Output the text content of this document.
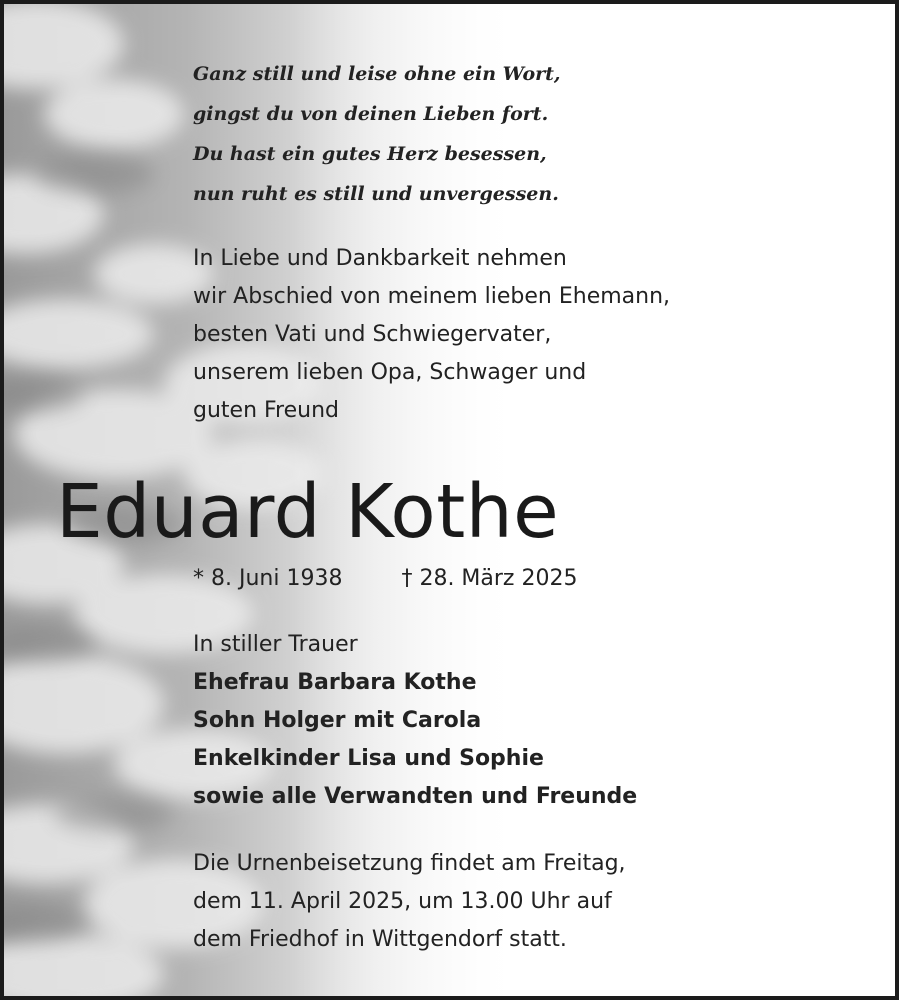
Ganz still und leise ohne ein Wort,
gingst du von deinen Lieben fort.
Du hast ein gutes Herz besessen,
nun ruht es still und unvergessen.
In Liebe und Dankbarkeit nehmen
wir Abschied von meinem lieben Ehemann,
besten Vati und Schwiegervater,
unserem lieben Opa, Schwager und
guten Freund
Eduard Kothe
* 8. Juni 1938	† 28. März 2025
In stiller Trauer
Ehefrau Barbara Kothe
Sohn Holger mit Carola
Enkelkinder Lisa und Sophie
sowie alle Verwandten und Freunde
Die Urnenbeisetzung findet am Freitag,
dem 11. April 2025, um 13.00 Uhr auf
dem Friedhof in Wittgendorf statt.
